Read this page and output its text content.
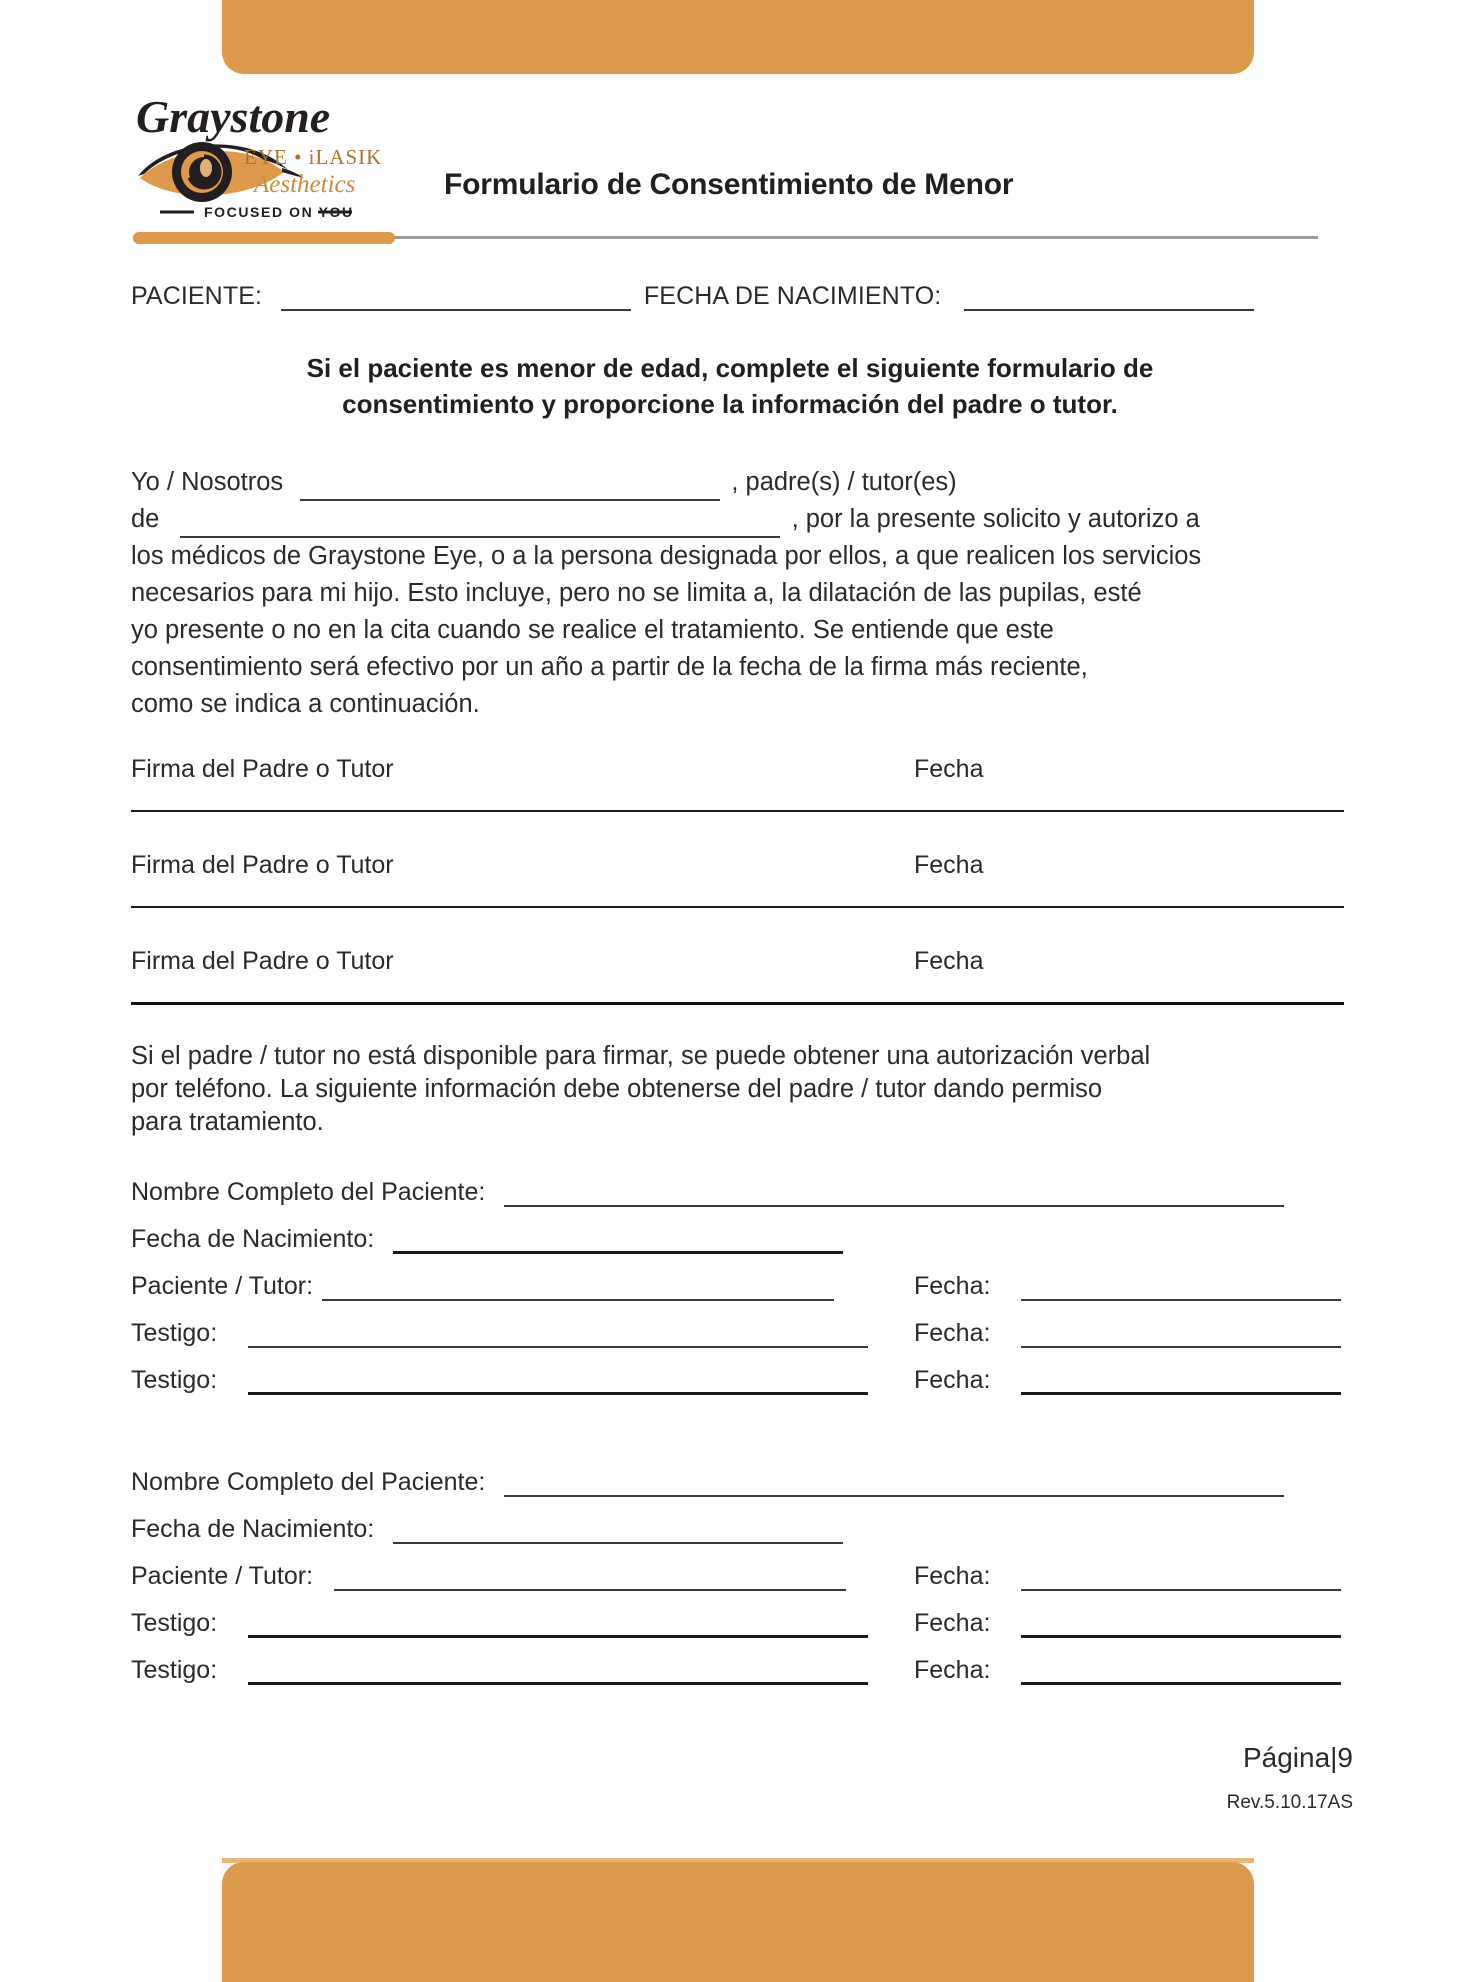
Graystone
EYE • iLASIK
Aesthetics
FOCUSED ON YOU
Formulario de Consentimiento de Menor
PACIENTE:	FECHA DE NACIMIENTO:
Si el paciente es menor de edad, complete el siguiente formulario de
consentimiento y proporcione la información del padre o tutor.
Yo / Nosotros	, padre(s) / tutor(es)
de	, por la presente solicito y autorizo a
los médicos de Graystone Eye, o a la persona designada por ellos, a que realicen los servicios
necesarios para mi hijo. Esto incluye, pero no se limita a, la dilatación de las pupilas, esté
yo presente o no en la cita cuando se realice el tratamiento. Se entiende que este
consentimiento será efectivo por un año a partir de la fecha de la firma más reciente,
como se indica a continuación.
Firma del Padre o Tutor	Fecha
Firma del Padre o Tutor	Fecha
Firma del Padre o Tutor	Fecha
Si el padre / tutor no está disponible para firmar, se puede obtener una autorización verbal
por teléfono. La siguiente información debe obtenerse del padre / tutor dando permiso
para tratamiento.
Nombre Completo del Paciente:
Fecha de Nacimiento:
Paciente / Tutor:	Fecha:
Testigo:	Fecha:
Testigo:	Fecha:
Nombre Completo del Paciente:
Fecha de Nacimiento:
Paciente / Tutor:	Fecha:
Testigo:	Fecha:
Testigo:	Fecha:
Página|9
Rev.5.10.17AS
